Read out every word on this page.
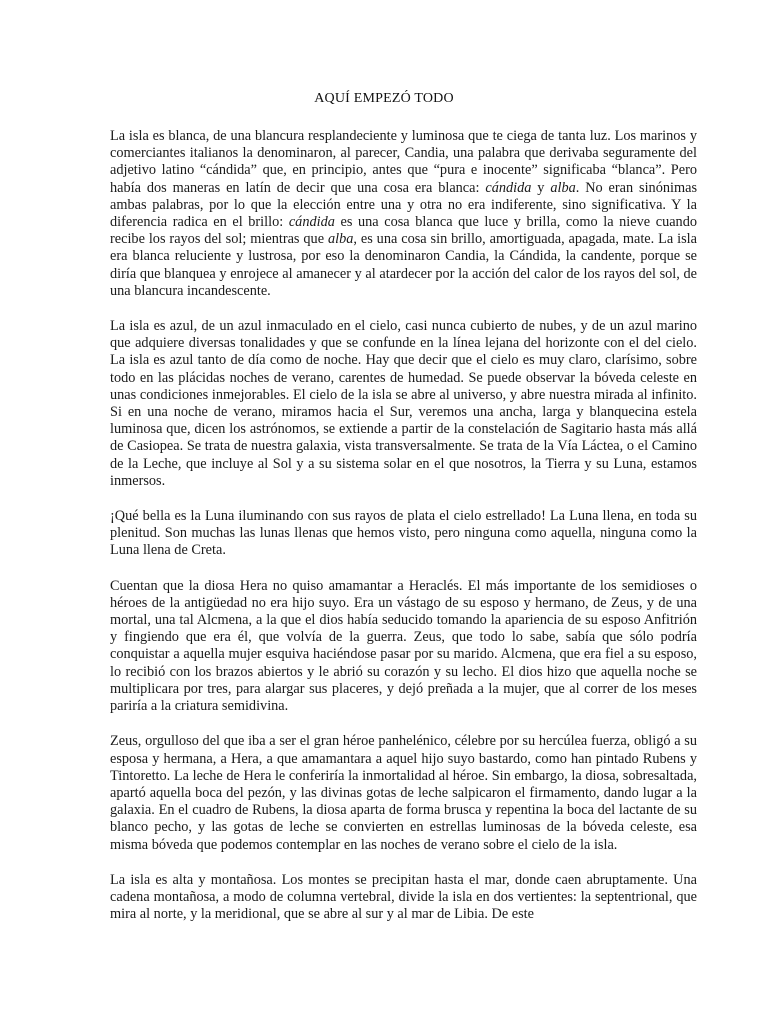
AQUÍ EMPEZÓ TODO

La isla es blanca, de una blancura resplandeciente y luminosa que te ciega de tanta luz. Los marinos y comerciantes italianos la denominaron, al parecer, Candia, una palabra que derivaba seguramente del adjetivo latino “cándida” que, en principio, antes que “pura e inocente” significaba “blanca”. Pero había dos maneras en latín de decir que una cosa era blanca: cándida y alba. No eran sinónimas ambas palabras, por lo que la elección entre una y otra no era indiferente, sino significativa. Y la diferencia radica en el brillo: cándida es una cosa blanca que luce y brilla, como la nieve cuando recibe los rayos del sol; mientras que alba, es una cosa sin brillo, amortiguada, apagada, mate. La isla era blanca reluciente y lustrosa, por eso la denominaron Candia, la Cándida, la candente, porque se diría que blanquea y enrojece al amanecer y al atardecer por la acción del calor de los rayos del sol, de una blancura incandescente.

La isla es azul, de un azul inmaculado en el cielo, casi nunca cubierto de nubes, y de un azul marino que adquiere diversas tonalidades y que se confunde en la línea lejana del horizonte con el del cielo. La isla es azul tanto de día como de noche. Hay que decir que el cielo es muy claro, clarísimo, sobre todo en las plácidas noches de verano, carentes de humedad. Se puede observar la bóveda celeste en unas condiciones inmejorables. El cielo de la isla se abre al universo, y abre nuestra mirada al infinito. Si en una noche de verano, miramos hacia el Sur, veremos una ancha, larga y blanquecina estela luminosa que, dicen los astrónomos, se extiende a partir de la constelación de Sagitario hasta más allá de Casiopea. Se trata de nuestra galaxia, vista transversalmente. Se trata de la Vía Láctea, o el Camino de la Leche, que incluye al Sol y a su sistema solar en el que nosotros, la Tierra y su Luna, estamos inmersos.

¡Qué bella es la Luna iluminando con sus rayos de plata el cielo estrellado! La Luna llena, en toda su plenitud. Son muchas las lunas llenas que hemos visto, pero ninguna como aquella, ninguna como la Luna llena de Creta.

Cuentan que la diosa Hera no quiso amamantar a Heraclés. El más importante de los semidioses o héroes de la antigüedad no era hijo suyo. Era un vástago de su esposo y hermano, de Zeus, y de una mortal, una tal Alcmena, a la que el dios había seducido tomando la apariencia de su esposo Anfitrión y fingiendo que era él, que volvía de la guerra. Zeus, que todo lo sabe, sabía que sólo podría conquistar a aquella mujer esquiva haciéndose pasar por su marido. Alcmena, que era fiel a su esposo, lo recibió con los brazos abiertos y le abrió su corazón y su lecho. El dios hizo que aquella noche se multiplicara por tres, para alargar sus placeres, y dejó preñada a la mujer, que al correr de los meses pariría a la criatura semidivina.

Zeus, orgulloso del que iba a ser el gran héroe panhelénico, célebre por su hercúlea fuerza, obligó a su esposa y hermana, a Hera, a que amamantara a aquel hijo suyo bastardo, como han pintado Rubens y Tintoretto. La leche de Hera le conferiría la inmortalidad al héroe. Sin embargo, la diosa, sobresaltada, apartó aquella boca del pezón, y las divinas gotas de leche salpicaron el firmamento, dando lugar a la galaxia. En el cuadro de Rubens, la diosa aparta de forma brusca y repentina la boca del lactante de su blanco pecho, y las gotas de leche se convierten en estrellas luminosas de la bóveda celeste, esa misma bóveda que podemos contemplar en las noches de verano sobre el cielo de la isla.

La isla es alta y montañosa. Los montes se precipitan hasta el mar, donde caen abruptamente. Una cadena montañosa, a modo de columna vertebral, divide la isla en dos vertientes: la septentrional, que mira al norte, y la meridional, que se abre al sur y al mar de Libia. De este
